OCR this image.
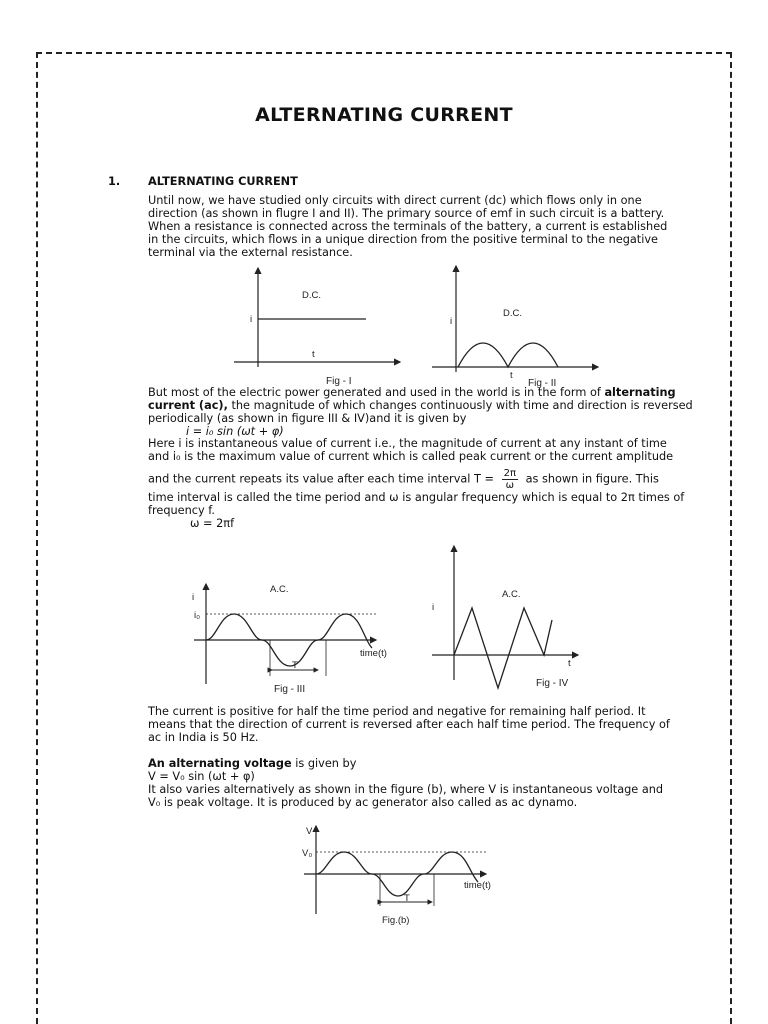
ALTERNATING CURRENT
1. ALTERNATING CURRENT
Until now, we have studied only circuits with direct current (dc) which flows only in one
direction (as shown in flugre I and II). The primary source of emf in such circuit is a battery.
When a resistance is connected across the terminals of the battery, a current is established
in the circuits, which flows in a unique direction from the positive terminal to the negative
terminal via the external resistance.
i
t
D.C.
Fig - I
i
t
D.C.
Fig - II
But most of the electric power generated and used in the world is in the form of alternating
current (ac), the magnitude of which changes continuously with time and direction is reversed
periodically (as shown in figure III & IV)and it is given by
i = i₀ sin (ωt + φ)
Here i is instantaneous value of current i.e., the magnitude of current at any instant of time
and i₀ is the maximum value of current which is called peak current or the current amplitude
and the current repeats its value after each time interval $T = \frac{2\pi}{\omega}$ as shown in figure. This
time interval is called the time period and ω is angular frequency which is equal to 2π times of
frequency f.
ω = 2πf
i
i₀
A.C.
time(t)
T
Fig - III
i
t
A.C.
Fig - IV
The current is positive for half the time period and negative for remaining half period. It
means that the direction of current is reversed after each half time period. The frequency of
ac in India is 50 Hz.
An alternating voltage is given by
V = V₀ sin (ωt + φ)
It also varies alternatively as shown in the figure (b), where V is instantaneous voltage and
V₀ is peak voltage. It is produced by ac generator also called as ac dynamo.
V
V₀
time(t)
T
Fig.(b)
